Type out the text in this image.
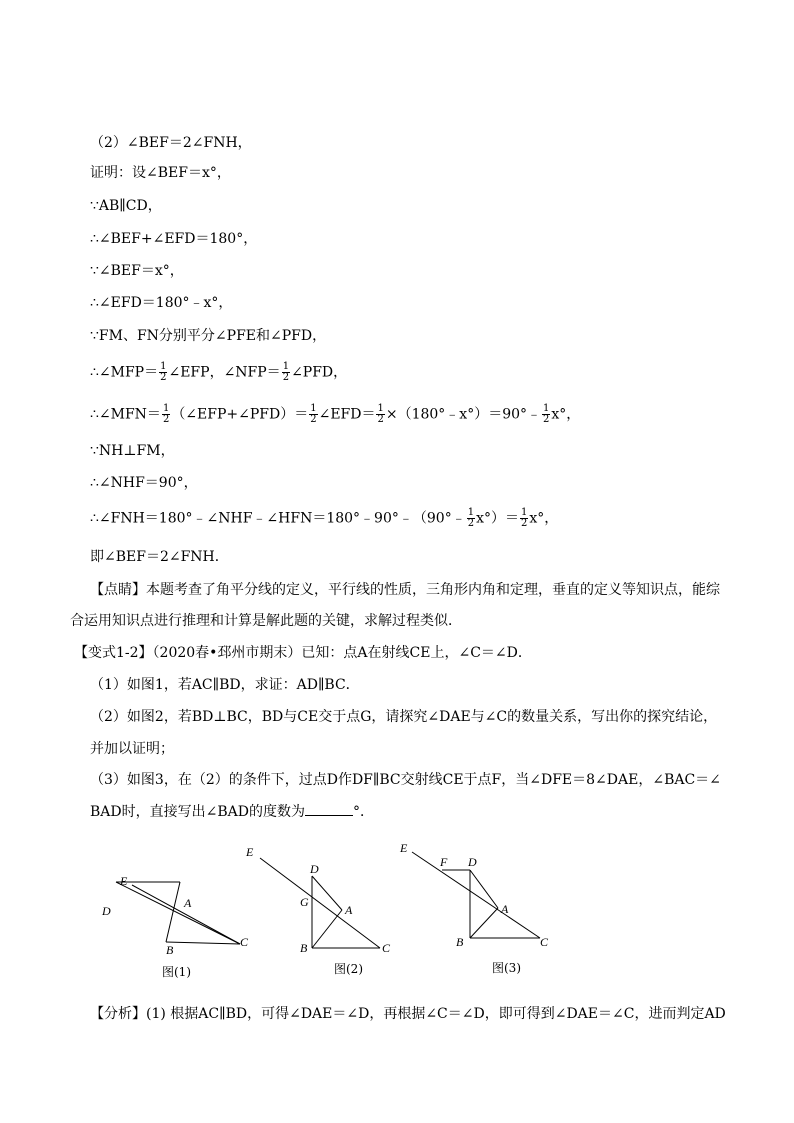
（2）∠BEF＝2∠FNH，
证明：设∠BEF＝x°，
∵AB∥CD，
∴∠BEF+∠EFD＝180°，
∵∠BEF＝x°，
∴∠EFD＝180°﹣x°，
∵FM、FN分别平分∠PFE和∠PFD，
∴∠MFP＝ $\frac{1}{2}$ ∠EFP，∠NFP＝ $\frac{1}{2}$ ∠PFD，
∴∠MFN＝ $\frac{1}{2}$ （∠EFP+∠PFD）＝ $\frac{1}{2}$ ∠EFD＝ $\frac{1}{2}$ ×（180°﹣x°）＝90°﹣ $\frac{1}{2} x^\circ$，
∵NH⊥FM，
∴∠NHF＝90°，
∴∠FNH＝180°﹣∠NHF﹣∠HFN＝180°﹣90°﹣（90°﹣ $\frac{1}{2} x^\circ)= \frac{1}{2} x^\circ$，
即∠BEF＝2∠FNH．
【点睛】本题考查了角平分线的定义，平行线的性质，三角形内角和定理，垂直的定义等知识点，能综
合运用知识点进行推理和计算是解此题的关键，求解过程类似．
【变式1-2】（2020春•邳州市期末）已知：点A在射线CE上，∠C＝∠D．
（1）如图1，若AC∥BD，求证：AD∥BC．
（2）如图2，若BD⊥BC，BD与CE交于点G，请探究∠DAE与∠C的数量关系，写出你的探究结论，
并加以证明；
（3）如图3，在（2）的条件下，过点D作DF∥BC交射线CE于点F，当∠DFE＝8∠DAE，∠BAC＝∠
BAD时，直接写出∠BAD的度数为	°．
E
D
A
B
C
图(1)
E
D
G
A
B	C
图(2)
E
F D
A
B	C
图(3)
【分析】(1) 根据AC∥BD，可得∠DAE＝∠D，再根据∠C＝∠D，即可得到∠DAE＝∠C，进而判定AD
